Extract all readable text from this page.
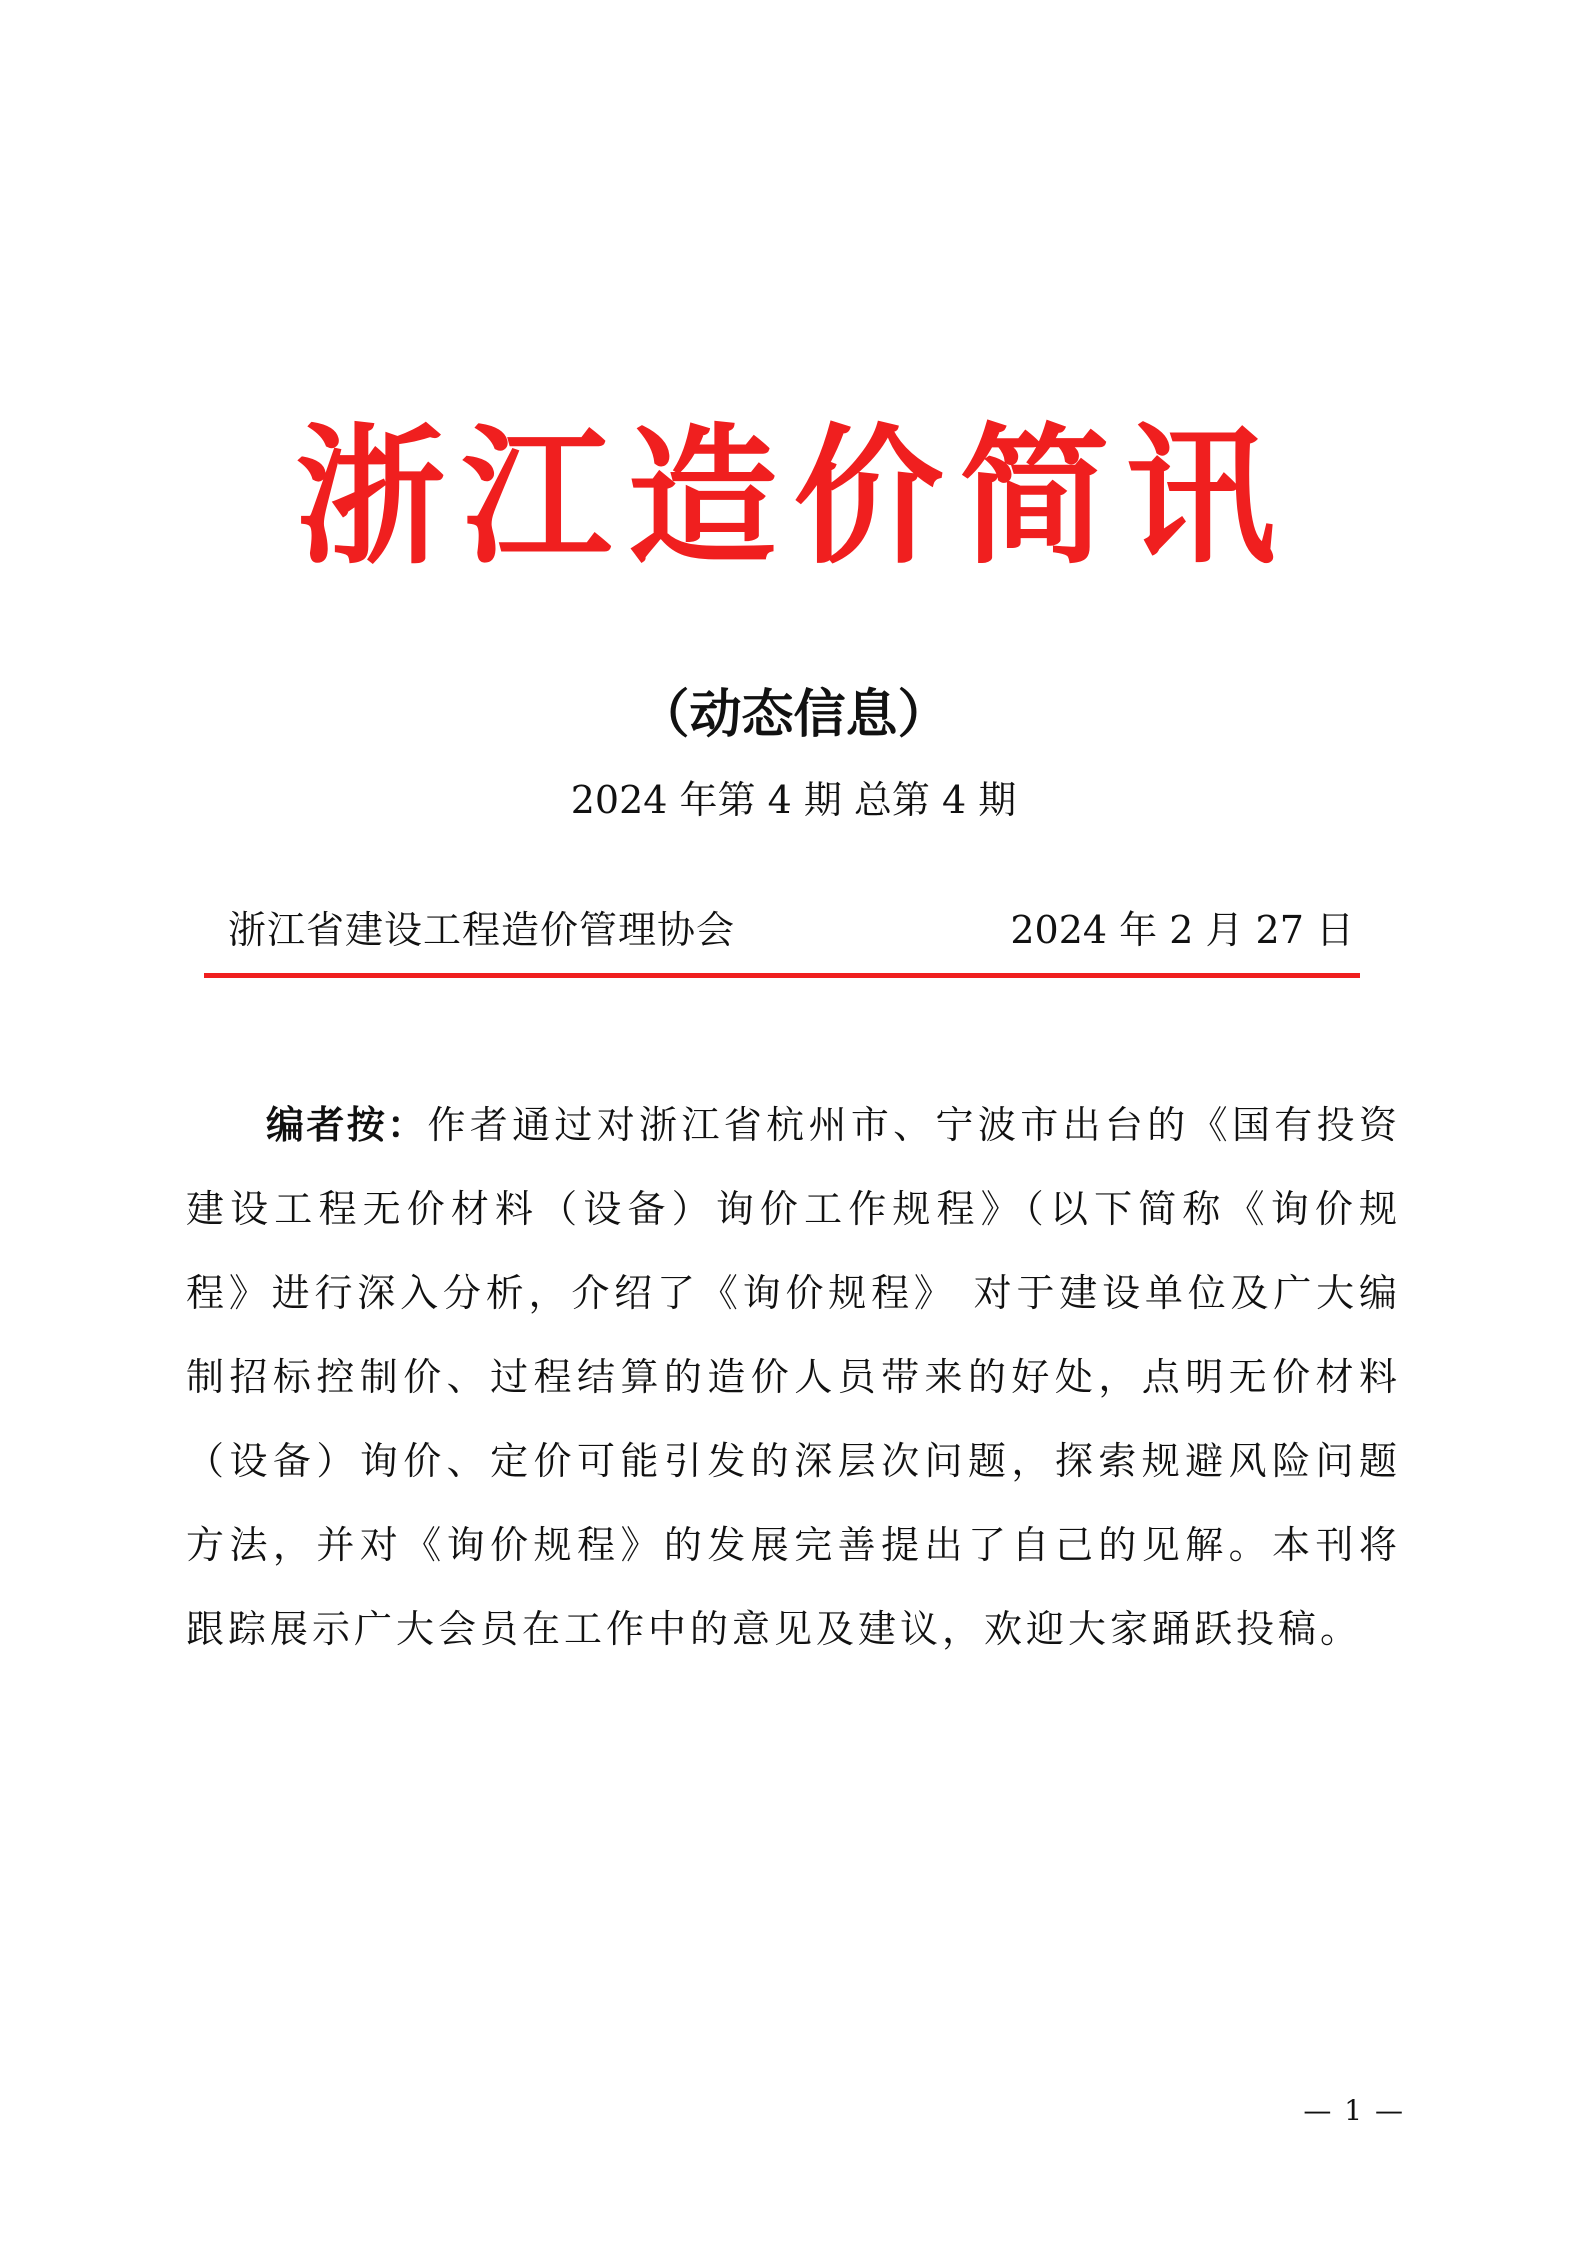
浙江造价简讯
（动态信息）
2024 年第 4 期 总第 4 期
浙江省建设工程造价管理协会	2024 年 2 月 27 日

编者按：作者通过对浙江省杭州市、宁波市出台的《国有投资建设工程无价材料（设备）询价工作规程》（以下简称《询价规程》进行深入分析，介绍了《询价规程》 对于建设单位及广大编制招标控制价、过程结算的造价人员带来的好处，点明无价材料（设备）询价、定价可能引发的深层次问题，探索规避风险问题方法，并对《询价规程》的发展完善提出了自己的见解。本刊将跟踪展示广大会员在工作中的意见及建议，欢迎大家踊跃投稿。

— 1 —
